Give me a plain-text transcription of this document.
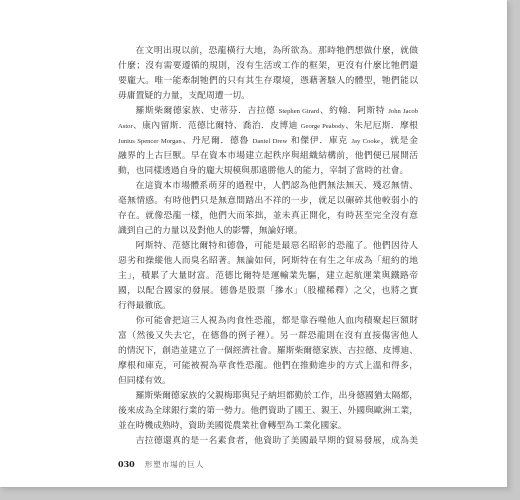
在文明出現以前，恐龍橫行大地，為所欲為。那時牠們想做什麼，就做
什麼；沒有需要遵循的規則，沒有生活或工作的框架，更沒有什麼比牠們還
要龐大。唯一能牽制牠們的只有其生存環境，憑藉著駭人的體型，牠們能以
毋庸置疑的力量，支配周遭一切。
羅斯柴爾德家族、史蒂芬．吉拉德 Stephen Girard、約翰．阿斯特 John Jacob
Astor、康內留斯．范德比爾特、喬治．皮博迪 George Peabody、朱尼厄斯．摩根
Junius Spencer Morgan、丹尼爾．德魯 Daniel Drew 和傑伊．庫克 Jay Cooke，就是金
融界的上古巨獸。早在資本市場建立起秩序與組織結構前，他們便已展開活
動，也同樣透過自身的龐大規模與那遠勝他人的能力，宰制了當時的社會。
在這資本市場體系萌芽的過程中，人們認為他們無法無天、殘忍無情、
毫無情感。有時他們只是無意間踏出不祥的一步，就足以碾碎其他較弱小的
存在。就像恐龍一樣，他們大而笨拙，並未真正開化，有時甚至完全沒有意
識到自己的力量以及對他人的影響，無論好壞。
阿斯特、范德比爾特和德魯，可能是最惡名昭彰的恐龍了。他們因待人
惡劣和操縱他人而臭名昭著。無論如何，阿斯特在有生之年成為「紐約的地
主」，積累了大量財富。范德比爾特是運輸業先驅，建立起航運業與鐵路帝
國，以配合國家的發展。德魯是股票「摻水」（股權稀釋）之父，也將之實
行得最徹底。
你可能會把這三人視為肉食性恐龍，都是靠吞噬他人血肉積聚起巨額財
富（然後又失去它，在德魯的例子裡）。另一群恐龍則在沒有直接傷害他人
的情況下，創造並建立了一個經濟社會。羅斯柴爾德家族、吉拉德、皮博迪、
摩根和庫克，可能被視為草食性恐龍。他們在推動進步的方式上溫和得多，
但同樣有效。
羅斯柴爾德家族的父親梅耶與兒子納坦都勤於工作，出身德國猶太隔都，
後來成為全球銀行業的第一勢力。他們資助了國王、親王、外國與歐洲工業，
並在時機成熟時，資助美國從農業社會轉型為工業化國家。
吉拉德還真的是一名素食者，他資助了美國最早期的貿易發展，成為美
030 形塑市場的巨人
